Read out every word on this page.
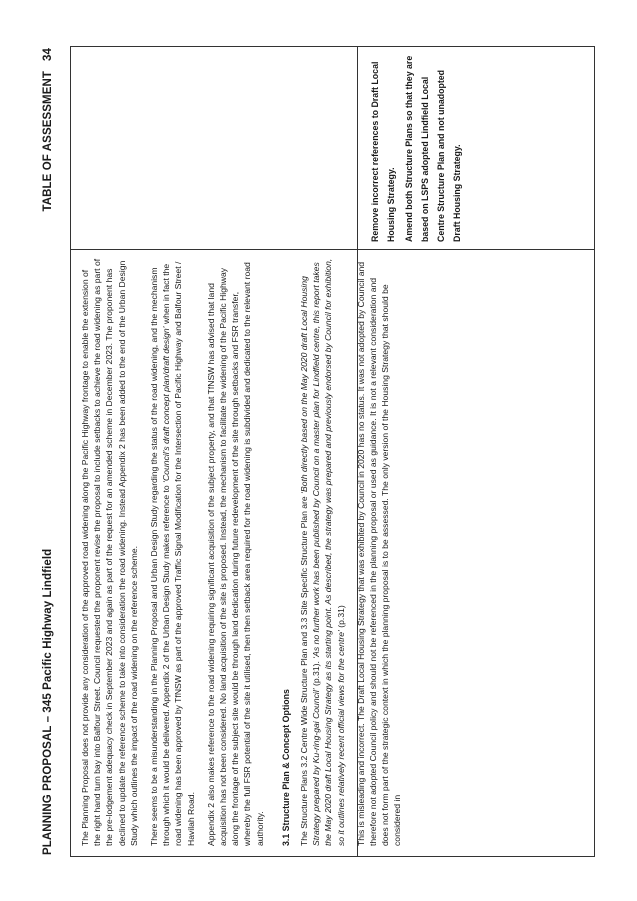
PLANNING PROPOSAL – 345 Pacific Highway Lindfield
TABLE OF ASSESSMENT34

The Planning Proposal does not provide any consideration of the approved road widening along the Pacific Highway frontage to enable the extension of the right hand turn bay into Balfour Street. Council requested the proponent revise the proposal to include setbacks to achieve the road widening as part of the pre-lodgement adequacy check in September 2023 and again as part of the request for an amended scheme in December 2023. The proponent has declined to update the reference scheme to take into consideration the road widening. Instead Appendix 2 has been added to the end of the Urban Design Study which outlines the impact of the road widening on the reference scheme. There seems to be a misunderstanding in the Planning Proposal and Urban Design Study regarding the status of the road widening, and the mechanism through which it would be delivered. Appendix 2 of the Urban Design Study makes reference to ‘Council’s draft concept plan/draft design’ when in fact the road widening has been approved by TfNSW as part of the approved Traffic Signal Modification for the Intersection of Pacific Highway and Balfour Street / Havilah Road. Appendix 2 also makes reference to the road widening requiring significant acquisition of the subject property, and that TfNSW has advised that land acquisition has not been considered. No land acquisition of the site is proposed. Instead, the mechanism to facilitate the widening of the Pacific Highway along the frontage of the subject site would be through land dedication during future redevelopment of the site through setbacks and FSR transfer, whereby the full FSR potential of the site it utilised, then then setback area required for the road widening is subdivided and dedicated to the relevant road authority. 3.1 Structure Plan & Concept Options The Structure Plans 3.2 Centre Wide Structure Plan and 3.3 Site Specific Structure Plan are ‘Both directly based on the May 2020 draft Local Housing Strategy prepared by Ku-ring-gai Council’ (p.31). ‘As no further work has been published by Council on a master plan for Lindfield centre, this report takes the May 2020 draft Local Housing Strategy as its starting point. As described, the strategy was prepared and previously endorsed by Council for exhibition, so it outlines relatively recent official views for the centre’ (p.31) This is misleading and incorrect. The Draft Local Housing Strategy that was exhibited by Council in 2020 has no status. It was not adopted by Council and therefore not adopted Council policy and should not be referenced in the planning proposal or used as guidance. It is not a relevant consideration and does not form part of the strategic context in which the planning proposal is to be assessed. The only version of the Housing Strategy that should be considered in

Remove incorrect references to Draft Local Housing Strategy. Amend both Structure Plans so that they are based on LSPS adopted Lindfield Local Centre Structure Plan and not unadopted Draft Housing Strategy.
